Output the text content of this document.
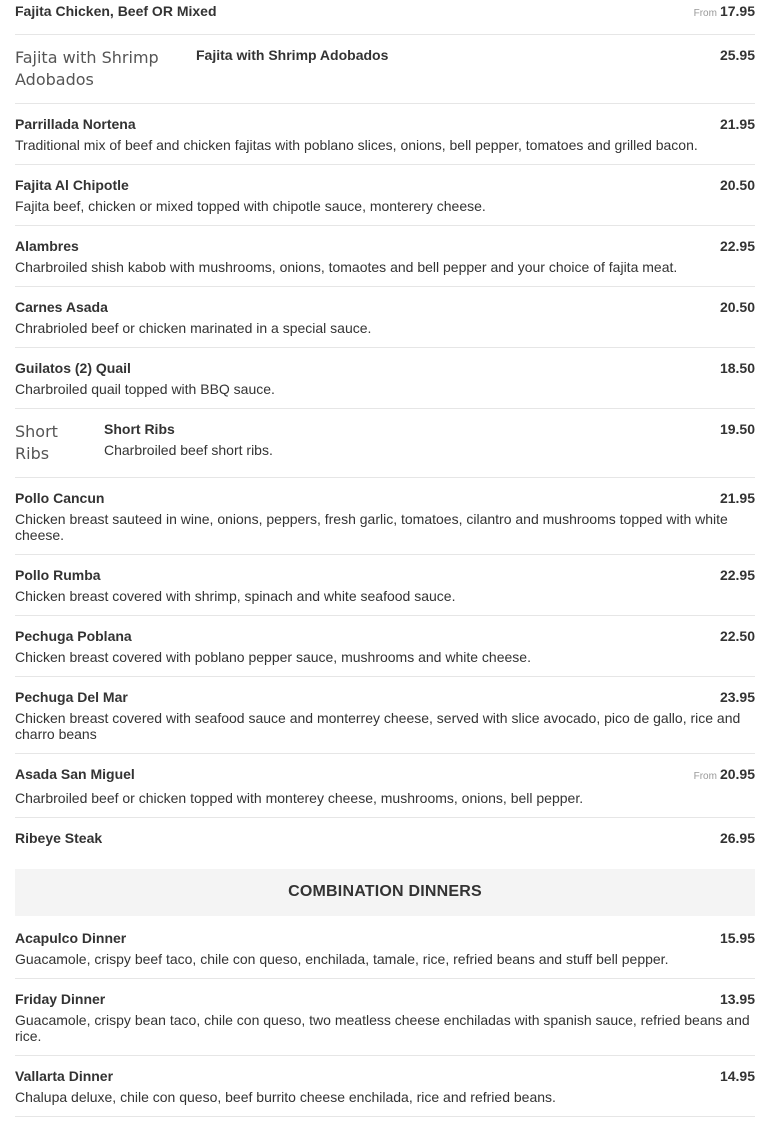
Fajita Chicken, Beef OR Mixed	From 17.95
Fajita with Shrimp Adobados
Fajita with Shrimp Adobados	25.95
Parrillada Nortena	21.95
Traditional mix of beef and chicken fajitas with poblano slices, onions, bell pepper, tomatoes and grilled bacon.
Fajita Al Chipotle	20.50
Fajita beef, chicken or mixed topped with chipotle sauce, monterery cheese.
Alambres	22.95
Charbroiled shish kabob with mushrooms, onions, tomaotes and bell pepper and your choice of fajita meat.
Carnes Asada	20.50
Chrabrioled beef or chicken marinated in a special sauce.
Guilatos (2) Quail	18.50
Charbroiled quail topped with BBQ sauce.
Short Ribs
Short Ribs	19.50
Charbroiled beef short ribs.
Pollo Cancun	21.95
Chicken breast sauteed in wine, onions, peppers, fresh garlic, tomatoes, cilantro and mushrooms topped with white cheese.
Pollo Rumba	22.95
Chicken breast covered with shrimp, spinach and white seafood sauce.
Pechuga Poblana	22.50
Chicken breast covered with poblano pepper sauce, mushrooms and white cheese.
Pechuga Del Mar	23.95
Chicken breast covered with seafood sauce and monterrey cheese, served with slice avocado, pico de gallo, rice and charro beans
Asada San Miguel	From 20.95
Charbroiled beef or chicken topped with monterey cheese, mushrooms, onions, bell pepper.
Ribeye Steak	26.95
COMBINATION DINNERS
Acapulco Dinner	15.95
Guacamole, crispy beef taco, chile con queso, enchilada, tamale, rice, refried beans and stuff bell pepper.
Friday Dinner	13.95
Guacamole, crispy bean taco, chile con queso, two meatless cheese enchiladas with spanish sauce, refried beans and rice.
Vallarta Dinner	14.95
Chalupa deluxe, chile con queso, beef burrito cheese enchilada, rice and refried beans.
